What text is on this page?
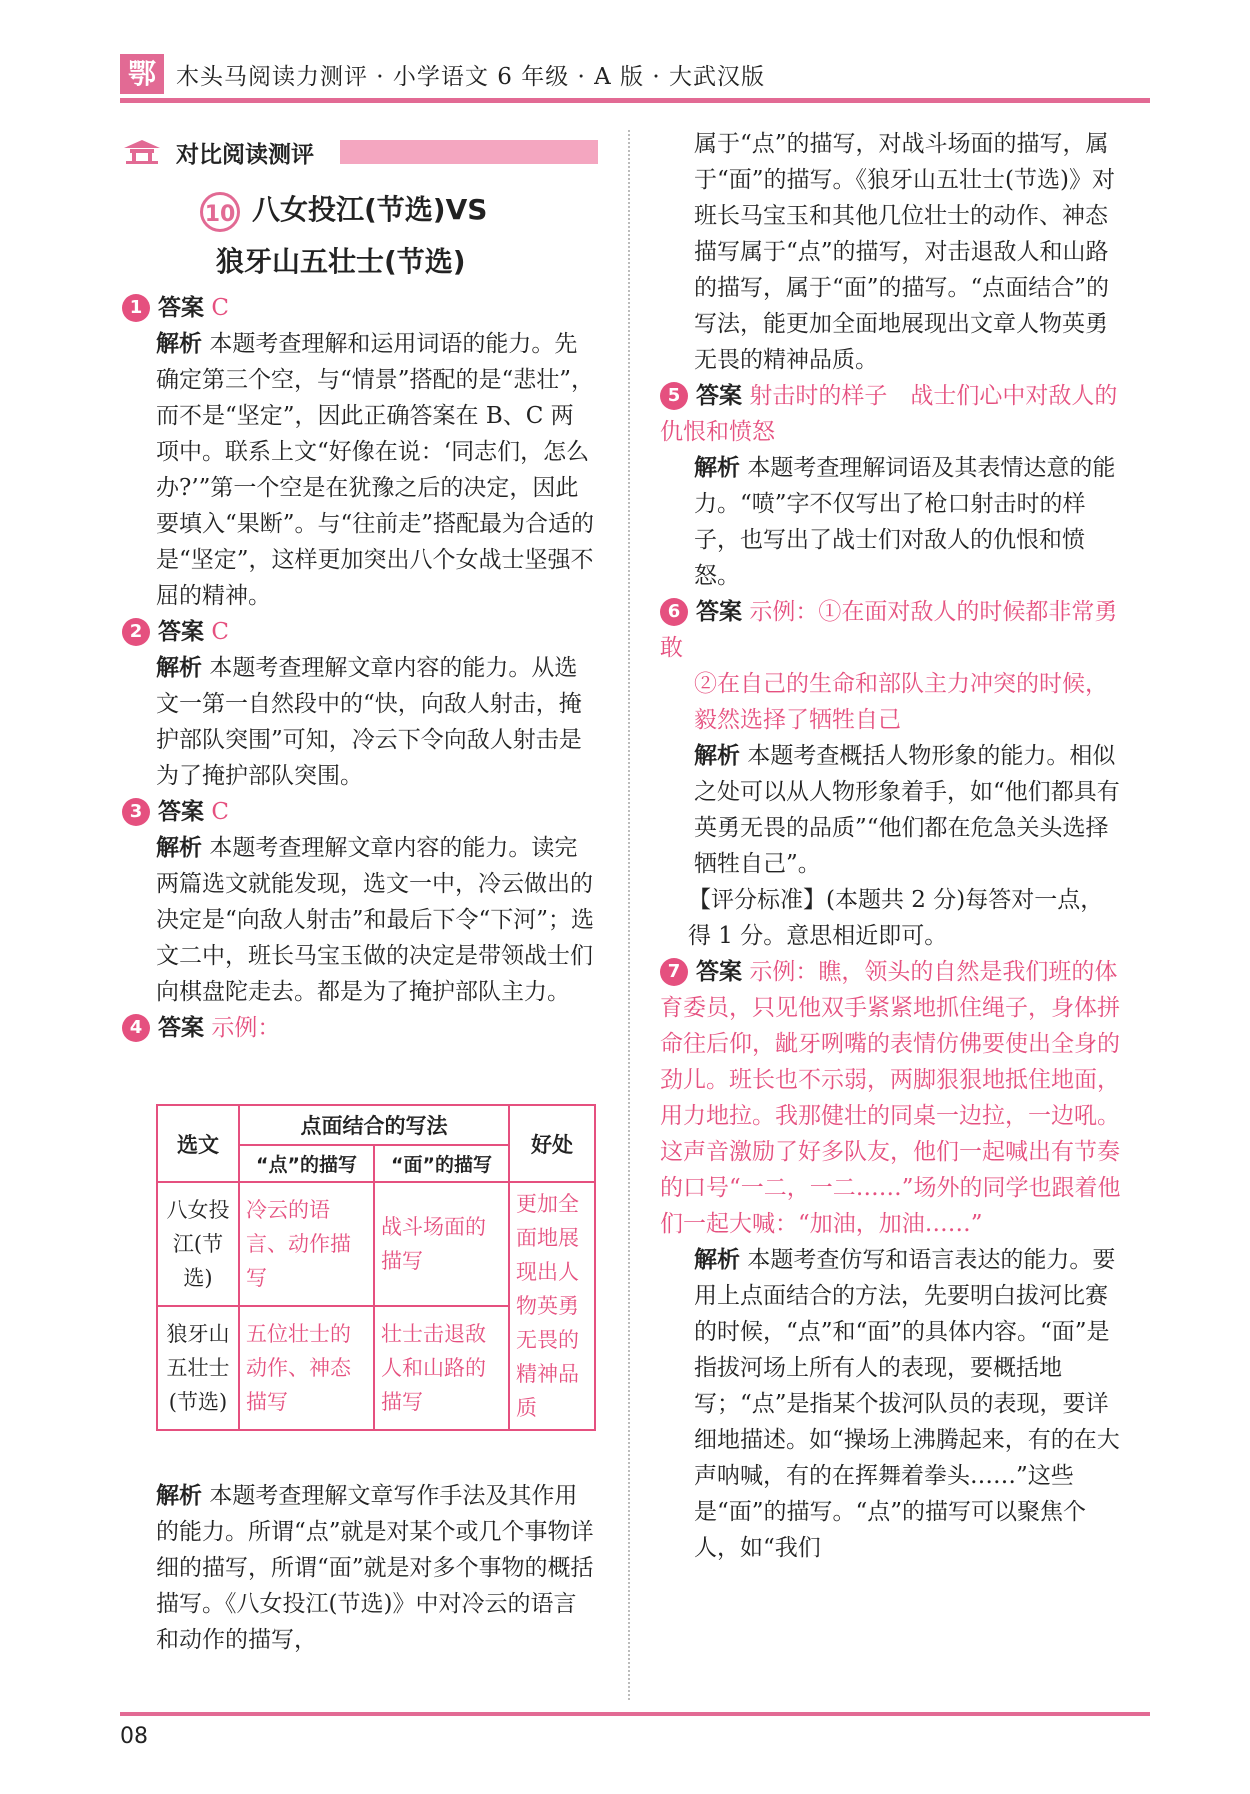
鄂 木头马阅读力测评 · 小学语文 6 年级 · A 版 · 大武汉版
对比阅读测评
10 八女投江(节选)VS
狼牙山五壮士(节选)

1 答案 C

解析 本题考查理解和运用词语的能力。先确定第三个空，与“情景”搭配的是“悲壮”，而不是“坚定”，因此正确答案在 B、C 两项中。联系上文“好像在说：‘同志们，怎么办?’”第一个空是在犹豫之后的决定，因此要填入“果断”。与“往前走”搭配最为合适的是“坚定”，这样更加突出八个女战士坚强不屈的精神。

2 答案 C

解析 本题考查理解文章内容的能力。从选文一第一自然段中的“快，向敌人射击，掩护部队突围”可知，冷云下令向敌人射击是为了掩护部队突围。

3 答案 C

解析 本题考查理解文章内容的能力。读完两篇选文就能发现，选文一中，冷云做出的决定是“向敌人射击”和最后下令“下河”；选文二中，班长马宝玉做的决定是带领战士们向棋盘陀走去。都是为了掩护部队主力。

4 答案 示例：

选文	点面结合的写法		好处
	“点”的描写	“面”的描写	
八女投江(节选)	冷云的语言、动作描写	战斗场面的描写	更加全面地展现出人物英勇无畏的精神品质
狼牙山五壮士(节选)	五位壮士的动作、神态描写	壮士击退敌人和山路的描写	

解析 本题考查理解文章写作手法及其作用的能力。所谓“点”就是对某个或几个事物详细的描写，所谓“面”就是对多个事物的概括描写。《八女投江(节选)》中对冷云的语言和动作的描写，

属于“点”的描写，对战斗场面的描写，属于“面”的描写。《狼牙山五壮士(节选)》对班长马宝玉和其他几位壮士的动作、神态描写属于“点”的描写，对击退敌人和山路的描写，属于“面”的描写。“点面结合”的写法，能更加全面地展现出文章人物英勇无畏的精神品质。

5 答案 射击时的样子　战士们心中对敌人的仇恨和愤怒

解析 本题考查理解词语及其表情达意的能力。“喷”字不仅写出了枪口射击时的样子，也写出了战士们对敌人的仇恨和愤怒。

6 答案 示例：①在面对敌人的时候都非常勇敢

②在自己的生命和部队主力冲突的时候，毅然选择了牺牲自己

解析 本题考查概括人物形象的能力。相似之处可以从人物形象着手，如“他们都具有英勇无畏的品质”“他们都在危急关头选择牺牲自己”。

【评分标准】(本题共 2 分)每答对一点，得 1 分。意思相近即可。

7 答案 示例：瞧，领头的自然是我们班的体育委员，只见他双手紧紧地抓住绳子，身体拼命往后仰，龇牙咧嘴的表情仿佛要使出全身的劲儿。班长也不示弱，两脚狠狠地抵住地面，用力地拉。我那健壮的同桌一边拉，一边吼。这声音激励了好多队友，他们一起喊出有节奏的口号“一二，一二……”场外的同学也跟着他们一起大喊：“加油，加油……”

解析 本题考查仿写和语言表达的能力。要用上点面结合的方法，先要明白拔河比赛的时候，“点”和“面”的具体内容。“面”是指拔河场上所有人的表现，要概括地写；“点”是指某个拔河队员的表现，要详细地描述。如“操场上沸腾起来，有的在大声呐喊，有的在挥舞着拳头……”这些是“面”的描写。“点”的描写可以聚焦个人，如“我们

08
